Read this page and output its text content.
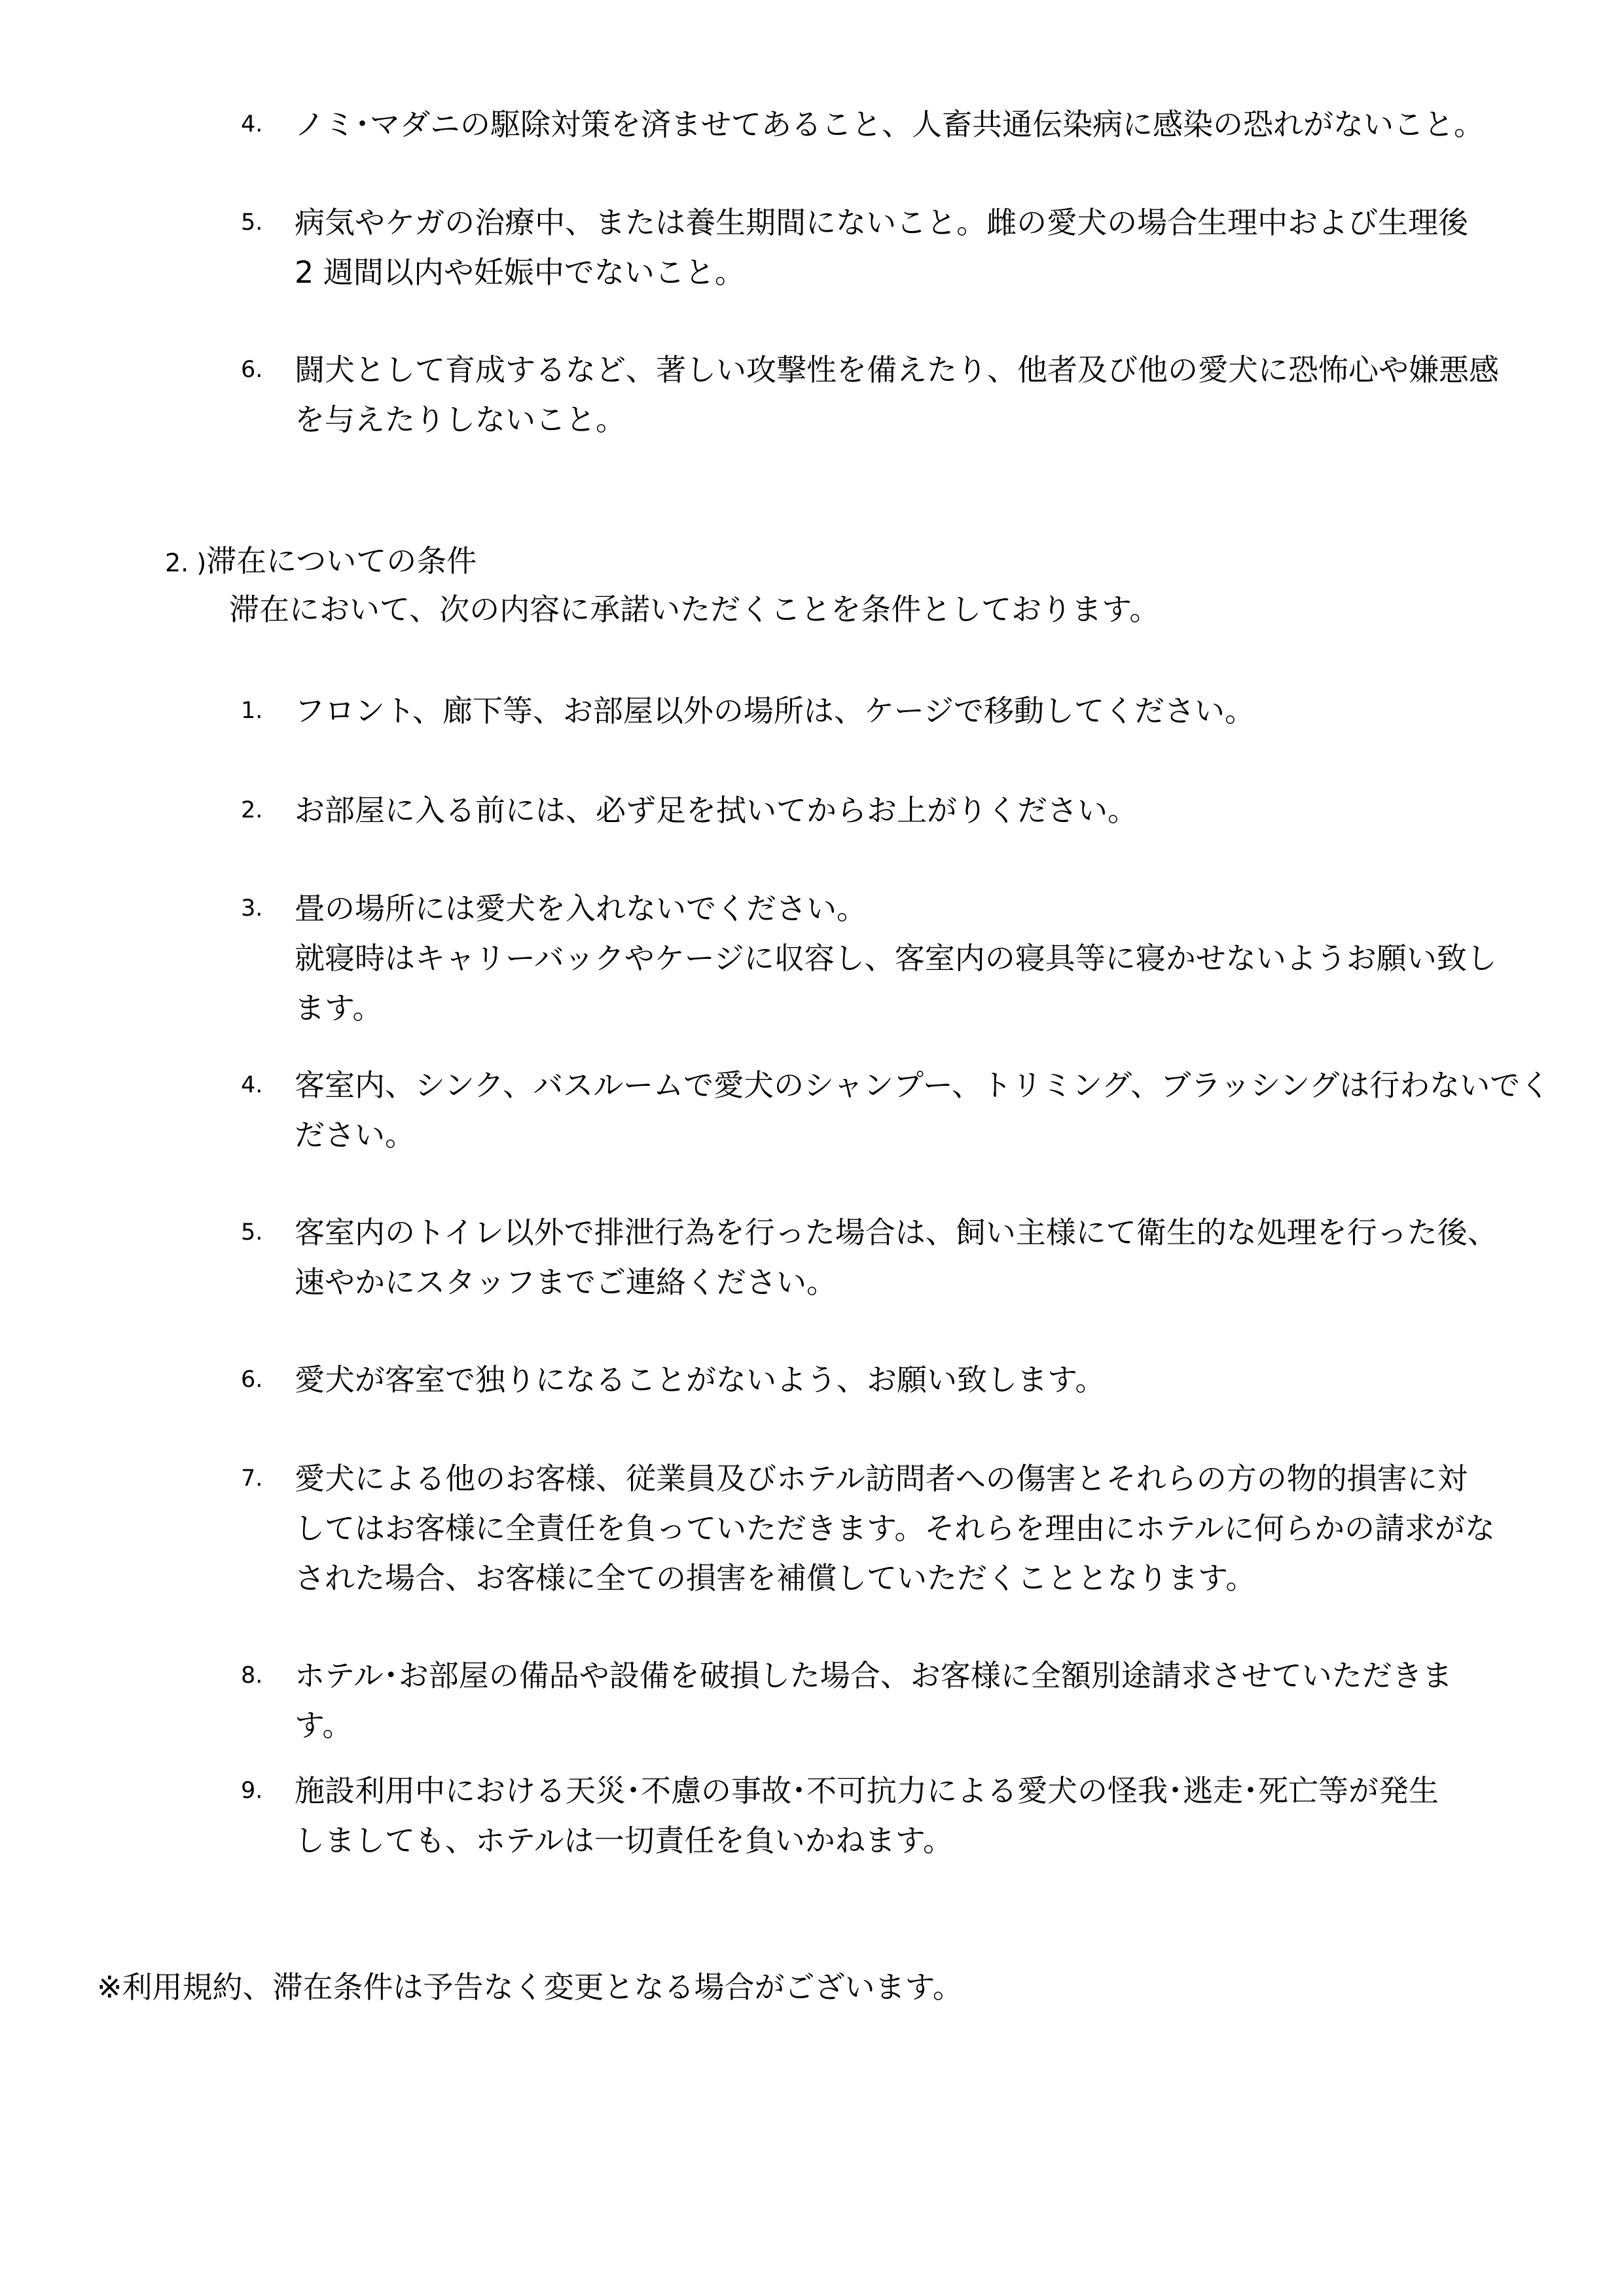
4. ノミ･マダニの駆除対策を済ませてあること、人畜共通伝染病に感染の恐れがないこと。
5. 病気やケガの治療中、または養生期間にないこと。雌の愛犬の場合生理中および生理後
2 週間以内や妊娠中でないこと。
6. 闘犬として育成するなど、著しい攻撃性を備えたり、他者及び他の愛犬に恐怖心や嫌悪感
を与えたりしないこと。
2. )滞在についての条件
滞在において、次の内容に承諾いただくことを条件としております。
1. フロント、廊下等、お部屋以外の場所は、ケージで移動してください。
2. お部屋に入る前には、必ず足を拭いてからお上がりください。
3. 畳の場所には愛犬を入れないでください。
就寝時はキャリーバックやケージに収容し、客室内の寝具等に寝かせないようお願い致し
ます。
4. 客室内、シンク、バスルームで愛犬のシャンプー、トリミング、ブラッシングは行わないでく
ださい。
5. 客室内のトイレ以外で排泄行為を行った場合は、飼い主様にて衛生的な処理を行った後、
速やかにスタッフまでご連絡ください。
6. 愛犬が客室で独りになることがないよう、お願い致します。
7. 愛犬による他のお客様、従業員及びホテル訪問者への傷害とそれらの方の物的損害に対
してはお客様に全責任を負っていただきます。それらを理由にホテルに何らかの請求がな
された場合、お客様に全ての損害を補償していただくこととなります。
8. ホテル･お部屋の備品や設備を破損した場合、お客様に全額別途請求させていただきま
す。
9. 施設利用中における天災･不慮の事故･不可抗力による愛犬の怪我･逃走･死亡等が発生
しましても、ホテルは一切責任を負いかねます。
※利用規約、滞在条件は予告なく変更となる場合がございます。
